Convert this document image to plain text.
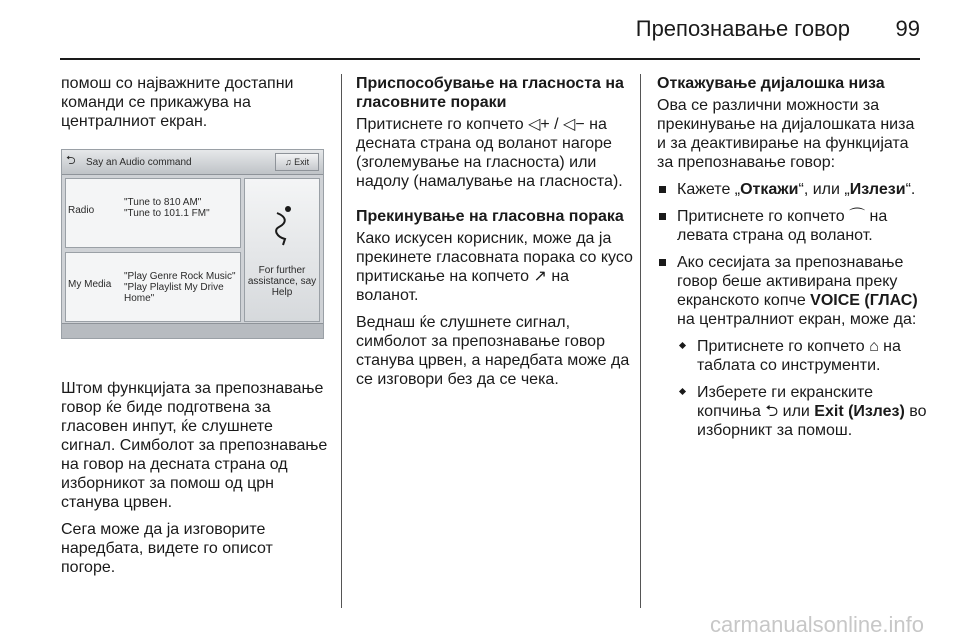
Препознавање говор 99

помош со најважните достапни команди се прикажува на централниот екран.

⮌ Say an Audio command	♫ Exit
Radio
"Tune to 810 AM"
"Tune to 101.1 FM"
My Media
"Play Genre Rock Music"
"Play Playlist My Drive Home"
For further assistance, say Help

Штом функцијата за препознавање говор ќе биде подготвена за гласовен инпут, ќе слушнете сигнал. Симболот за препознавање на говор на десната страна од изборникот за помош од црн станува црвен.

Сега може да ја изговорите наредбата, видете го описот погоре.

Приспособување на гласноста на гласовните пораки

Притиснете го копчето ◁+ / ◁− на десната страна од воланот нагоре (зголемување на гласноста) или надолу (намалување на гласноста).

Прекинување на гласовна порака

Како искусен корисник, може да ја прекинете гласовната порака со кусо притискање на копчето ↗ на воланот.

Веднаш ќе слушнете сигнал, симболот за препознавање говор станува црвен, а наредбата може да се изговори без да се чека.

Откажување дијалошка низа

Ова се различни можности за прекинување на дијалошката низа и за деактивирање на функцијата за препознавање говор:

Кажете „Откажи“, или „Излези“.
Притиснете го копчето ⌒ на левата страна од воланот.
Ако сесијата за препознавање говор беше активирана преку екранското копче VOICE (ГЛАС) на централниот екран, може да:
Притиснете го копчето ⌂ на таблата со инструменти.
Изберете ги екранските копчиња ⮌ или Exit (Излез) во изборникт за помош.
carmanualsonline.info
